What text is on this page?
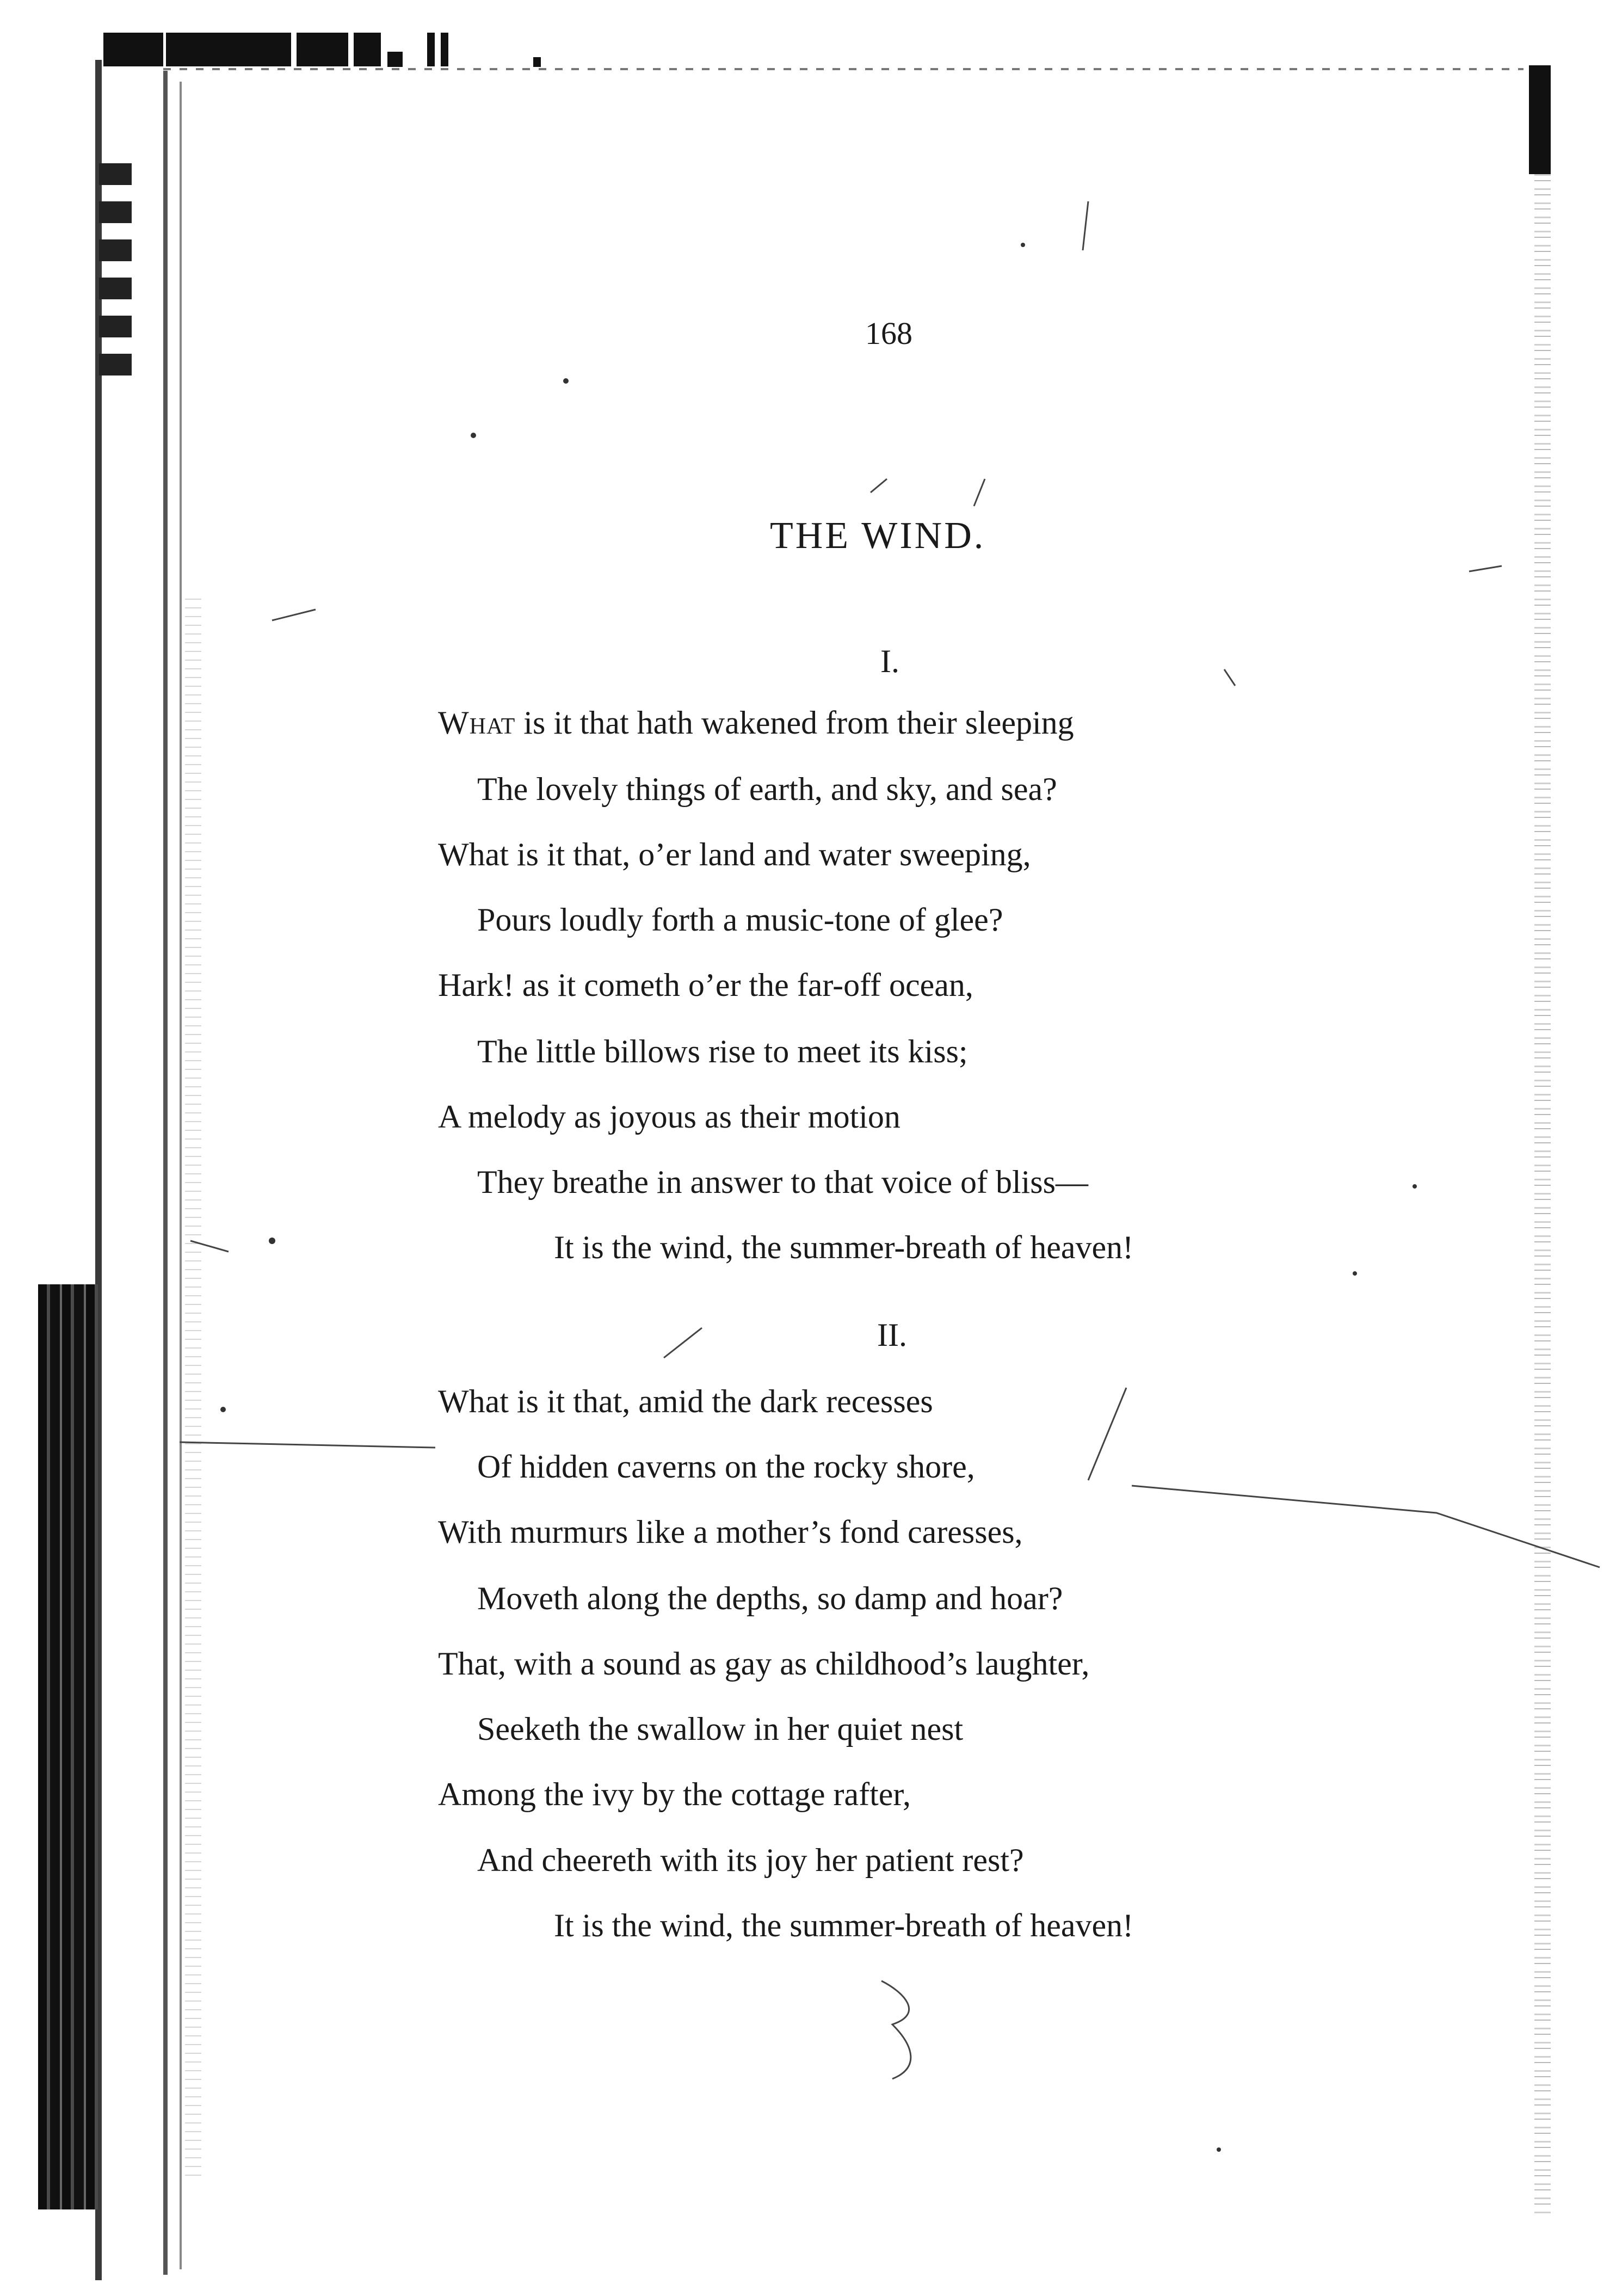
168
THE WIND.
I.
What is it that hath wakened from their sleeping
The lovely things of earth, and sky, and sea?
What is it that, o’er land and water sweeping,
Pours loudly forth a music-tone of glee?
Hark! as it cometh o’er the far-off ocean,
The little billows rise to meet its kiss;
A melody as joyous as their motion
They breathe in answer to that voice of bliss—
It is the wind, the summer-breath of heaven!
II.
What is it that, amid the dark recesses
Of hidden caverns on the rocky shore,
With murmurs like a mother’s fond caresses,
Moveth along the depths, so damp and hoar?
That, with a sound as gay as childhood’s laughter,
Seeketh the swallow in her quiet nest
Among the ivy by the cottage rafter,
And cheereth with its joy her patient rest?
It is the wind, the summer-breath of heaven!
